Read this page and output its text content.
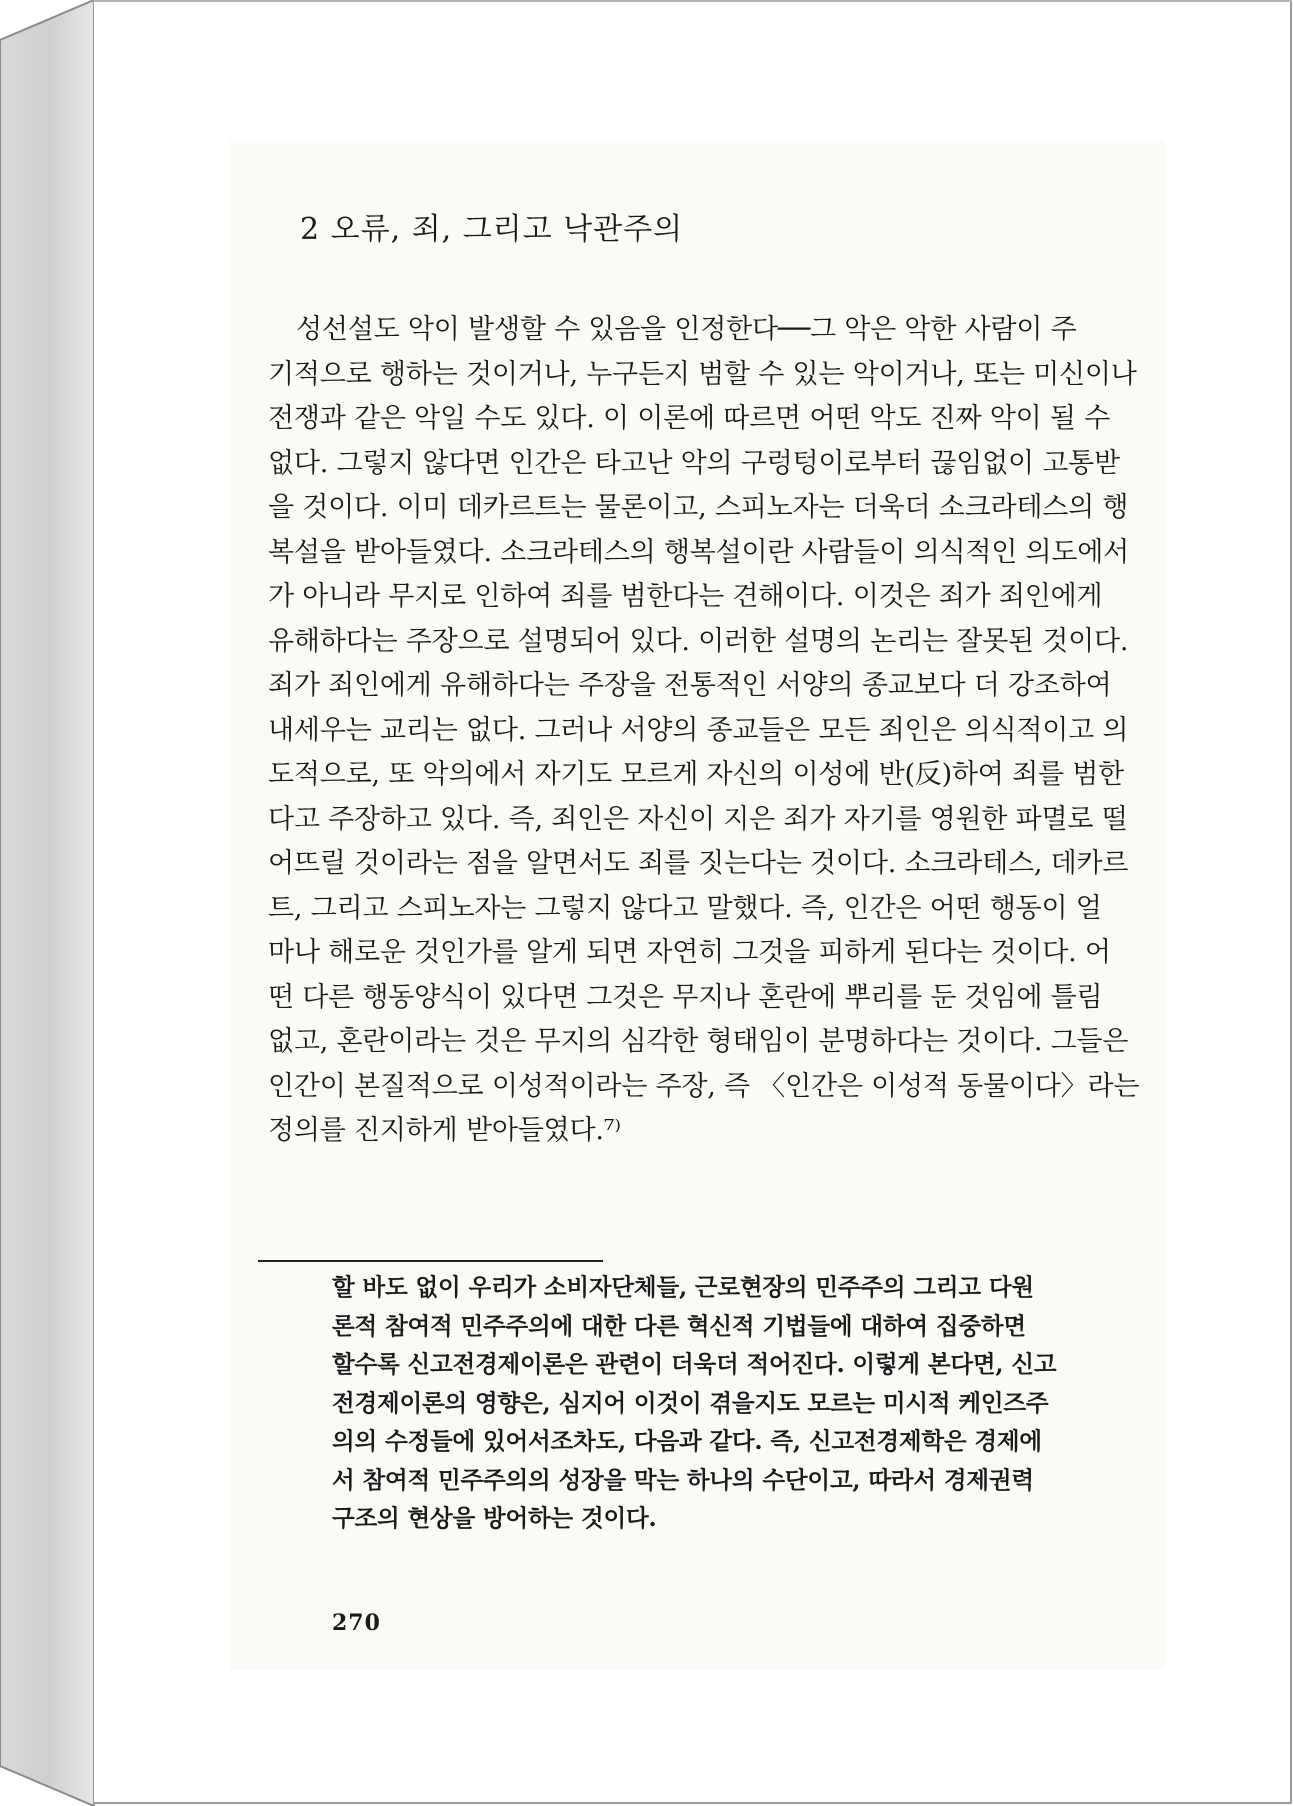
2 오류, 죄, 그리고 낙관주의
성선설도 악이 발생할 수 있음을 인정한다──그 악은 악한 사람이 주
기적으로 행하는 것이거나, 누구든지 범할 수 있는 악이거나, 또는 미신이나
전쟁과 같은 악일 수도 있다. 이 이론에 따르면 어떤 악도 진짜 악이 될 수
없다. 그렇지 않다면 인간은 타고난 악의 구렁텅이로부터 끊임없이 고통받
을 것이다. 이미 데카르트는 물론이고, 스피노자는 더욱더 소크라테스의 행
복설을 받아들였다. 소크라테스의 행복설이란 사람들이 의식적인 의도에서
가 아니라 무지로 인하여 죄를 범한다는 견해이다. 이것은 죄가 죄인에게
유해하다는 주장으로 설명되어 있다. 이러한 설명의 논리는 잘못된 것이다.
죄가 죄인에게 유해하다는 주장을 전통적인 서양의 종교보다 더 강조하여
내세우는 교리는 없다. 그러나 서양의 종교들은 모든 죄인은 의식적이고 의
도적으로, 또 악의에서 자기도 모르게 자신의 이성에 반(反)하여 죄를 범한
다고 주장하고 있다. 즉, 죄인은 자신이 지은 죄가 자기를 영원한 파멸로 떨
어뜨릴 것이라는 점을 알면서도 죄를 짓는다는 것이다. 소크라테스, 데카르
트, 그리고 스피노자는 그렇지 않다고 말했다. 즉, 인간은 어떤 행동이 얼
마나 해로운 것인가를 알게 되면 자연히 그것을 피하게 된다는 것이다. 어
떤 다른 행동양식이 있다면 그것은 무지나 혼란에 뿌리를 둔 것임에 틀림
없고, 혼란이라는 것은 무지의 심각한 형태임이 분명하다는 것이다. 그들은
인간이 본질적으로 이성적이라는 주장, 즉 〈인간은 이성적 동물이다〉라는
정의를 진지하게 받아들였다.⁷⁾
할 바도 없이 우리가 소비자단체들, 근로현장의 민주주의 그리고 다원
론적 참여적 민주주의에 대한 다른 혁신적 기법들에 대하여 집중하면
할수록 신고전경제이론은 관련이 더욱더 적어진다. 이렇게 본다면, 신고
전경제이론의 영향은, 심지어 이것이 겪을지도 모르는 미시적 케인즈주
의의 수정들에 있어서조차도, 다음과 같다. 즉, 신고전경제학은 경제에
서 참여적 민주주의의 성장을 막는 하나의 수단이고, 따라서 경제권력
구조의 현상을 방어하는 것이다.
270
